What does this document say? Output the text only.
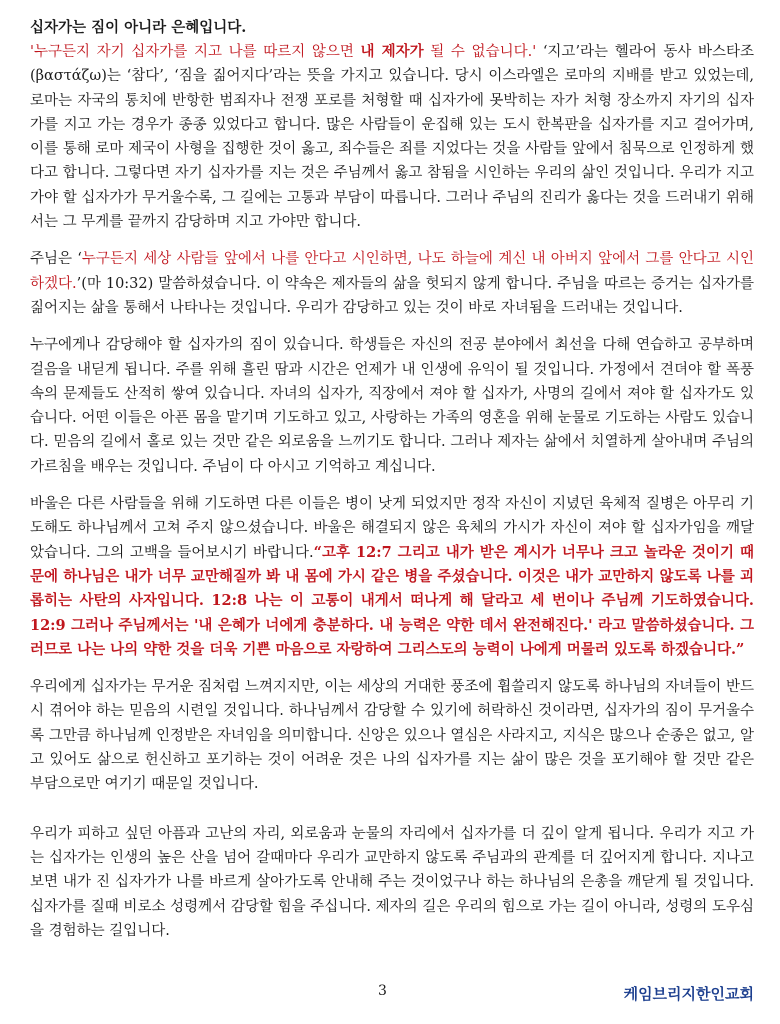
십자가는 짐이 아니라 은혜입니다.

'누구든지 자기 십자가를 지고 나를 따르지 않으면 내 제자가 될 수 없습니다.' ‘지고’라는 헬라어 동사 바스타조 (βαστάζω)는 ‘참다’, ‘짐을 짊어지다’라는 뜻을 가지고 있습니다. 당시 이스라엘은 로마의 지배를 받고 있었는데, 로마는 자국의 통치에 반항한 범죄자나 전쟁 포로를 처형할 때 십자가에 못박히는 자가 처형 장소까지 자기의 십자가를 지고 가는 경우가 종종 있었다고 합니다. 많은 사람들이 운집해 있는 도시 한복판을 십자가를 지고 걸어가며, 이를 통해 로마 제국이 사형을 집행한 것이 옳고, 죄수들은 죄를 지었다는 것을 사람들 앞에서 침묵으로 인정하게 했다고 합니다. 그렇다면 자기 십자가를 지는 것은 주님께서 옳고 참됨을 시인하는 우리의 삶인 것입니다. 우리가 지고 가야 할 십자가가 무거울수록, 그 길에는 고통과 부담이 따릅니다. 그러나 주님의 진리가 옳다는 것을 드러내기 위해서는 그 무게를 끝까지 감당하며 지고 가야만 합니다.

주님은 ‘누구든지 세상 사람들 앞에서 나를 안다고 시인하면, 나도 하늘에 계신 내 아버지 앞에서 그를 안다고 시인하겠다.’(마 10:32) 말씀하셨습니다. 이 약속은 제자들의 삶을 헛되지 않게 합니다. 주님을 따르는 증거는 십자가를 짊어지는 삶을 통해서 나타나는 것입니다. 우리가 감당하고 있는 것이 바로 자녀됨을 드러내는 것입니다.

누구에게나 감당해야 할 십자가의 짐이 있습니다. 학생들은 자신의 전공 분야에서 최선을 다해 연습하고 공부하며 걸음을 내딛게 됩니다. 주를 위해 흘린 땀과 시간은 언제가 내 인생에 유익이 될 것입니다. 가정에서 견뎌야 할 폭풍속의 문제들도 산적히 쌓여 있습니다. 자녀의 십자가, 직장에서 져야 할 십자가, 사명의 길에서 져야 할 십자가도 있습니다. 어떤 이들은 아픈 몸을 맡기며 기도하고 있고, 사랑하는 가족의 영혼을 위해 눈물로 기도하는 사람도 있습니다. 믿음의 길에서 홀로 있는 것만 같은 외로움을 느끼기도 합니다. 그러나 제자는 삶에서 치열하게 살아내며 주님의 가르침을 배우는 것입니다. 주님이 다 아시고 기억하고 계십니다.

바울은 다른 사람들을 위해 기도하면 다른 이들은 병이 낫게 되었지만 정작 자신이 지녔던 육체적 질병은 아무리 기도해도 하나님께서 고쳐 주지 않으셨습니다. 바울은 해결되지 않은 육체의 가시가 자신이 져야 할 십자가임을 깨달았습니다. 그의 고백을 들어보시기 바랍니다.“고후 12:7 그리고 내가 받은 계시가 너무나 크고 놀라운 것이기 때문에 하나님은 내가 너무 교만해질까 봐 내 몸에 가시 같은 병을 주셨습니다. 이것은 내가 교만하지 않도록 나를 괴롭히는 사탄의 사자입니다. 12:8 나는 이 고통이 내게서 떠나게 해 달라고 세 번이나 주님께 기도하였습니다. 12:9 그러나 주님께서는 '내 은혜가 너에게 충분하다. 내 능력은 약한 데서 완전해진다.' 라고 말씀하셨습니다. 그러므로 나는 나의 약한 것을 더욱 기쁜 마음으로 자랑하여 그리스도의 능력이 나에게 머물러 있도록 하겠습니다.”

우리에게 십자가는 무거운 짐처럼 느껴지지만, 이는 세상의 거대한 풍조에 휩쓸리지 않도록 하나님의 자녀들이 반드시 겪어야 하는 믿음의 시련일 것입니다. 하나님께서 감당할 수 있기에 허락하신 것이라면, 십자가의 짐이 무거울수록 그만큼 하나님께 인정받은 자녀임을 의미합니다. 신앙은 있으나 열심은 사라지고, 지식은 많으나 순종은 없고, 알고 있어도 삶으로 헌신하고 포기하는 것이 어려운 것은 나의 십자가를 지는 삶이 많은 것을 포기해야 할 것만 같은 부담으로만 여기기 때문일 것입니다.

우리가 피하고 싶던 아픔과 고난의 자리, 외로움과 눈물의 자리에서 십자가를 더 깊이 알게 됩니다. 우리가 지고 가는 십자가는 인생의 높은 산을 넘어 갈때마다 우리가 교만하지 않도록 주님과의 관계를 더 깊어지게 합니다. 지나고 보면 내가 진 십자가가 나를 바르게 살아가도록 안내해 주는 것이었구나 하는 하나님의 은총을 깨닫게 될 것입니다. 십자가를 질때 비로소 성령께서 감당할 힘을 주십니다. 제자의 길은 우리의 힘으로 가는 길이 아니라, 성령의 도우심을 경험하는 길입니다.

3	케임브리지한인교회
